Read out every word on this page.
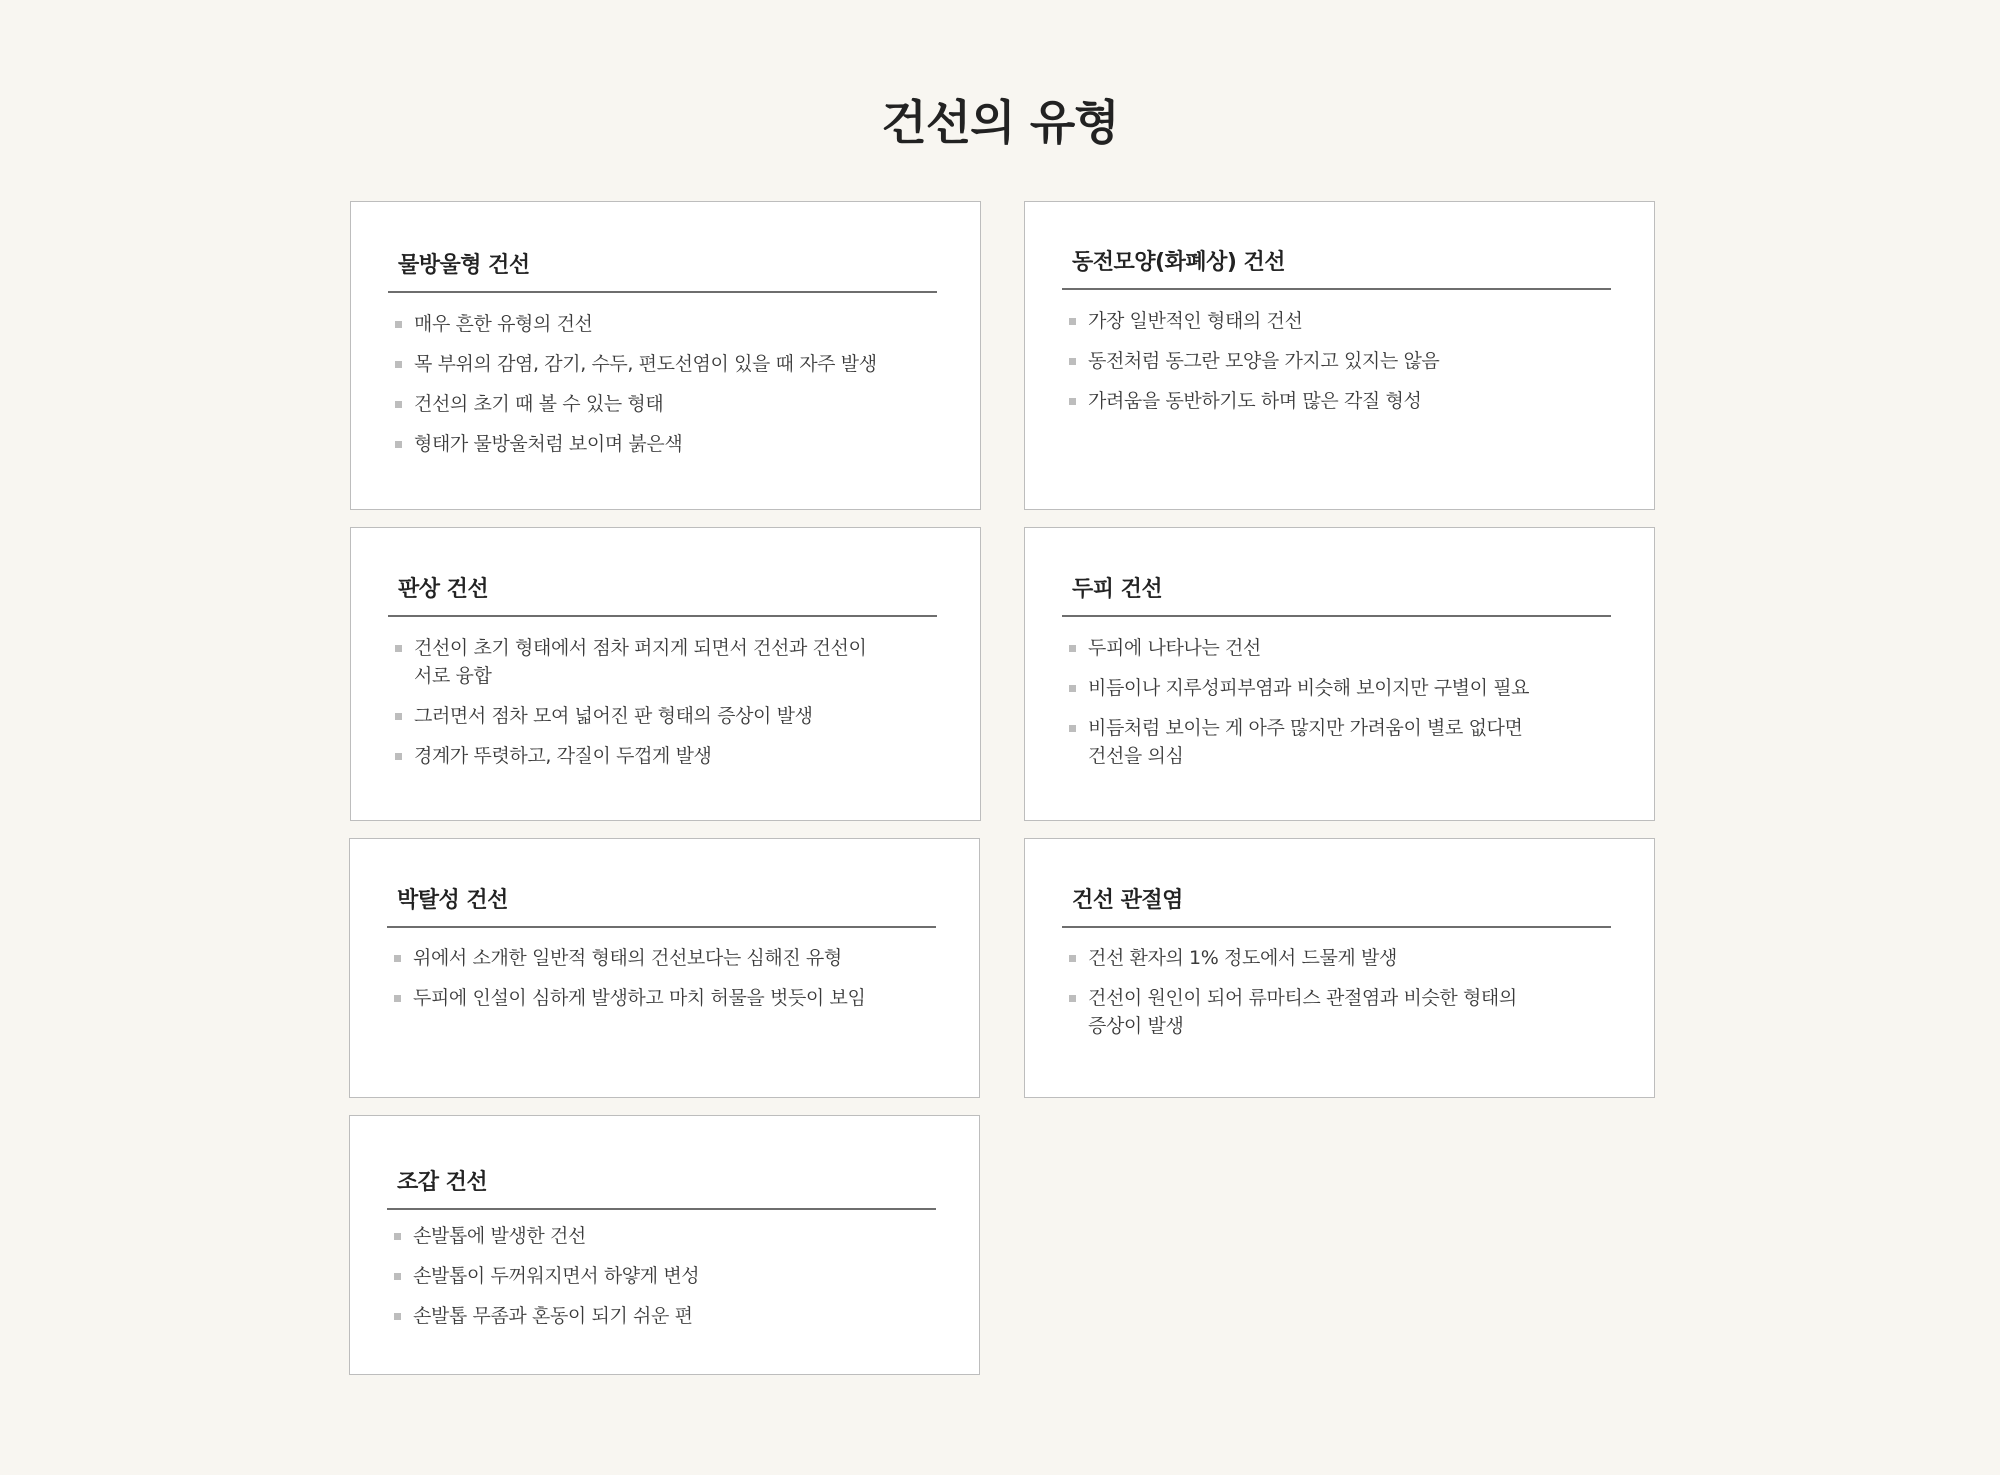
건선의 유형
물방울형 건선
매우 흔한 유형의 건선
목 부위의 감염, 감기, 수두, 편도선염이 있을 때 자주 발생
건선의 초기 때 볼 수 있는 형태
형태가 물방울처럼 보이며 붉은색
동전모양(화폐상) 건선
가장 일반적인 형태의 건선
동전처럼 동그란 모양을 가지고 있지는 않음
가려움을 동반하기도 하며 많은 각질 형성
판상 건선
건선이 초기 형태에서 점차 퍼지게 되면서 건선과 건선이
서로 융합
그러면서 점차 모여 넓어진 판 형태의 증상이 발생
경계가 뚜렷하고, 각질이 두껍게 발생
두피 건선
두피에 나타나는 건선
비듬이나 지루성피부염과 비슷해 보이지만 구별이 필요
비듬처럼 보이는 게 아주 많지만 가려움이 별로 없다면
건선을 의심
박탈성 건선
위에서 소개한 일반적 형태의 건선보다는 심해진 유형
두피에 인설이 심하게 발생하고 마치 허물을 벗듯이 보임
건선 관절염
건선 환자의 1% 정도에서 드물게 발생
건선이 원인이 되어 류마티스 관절염과 비슷한 형태의
증상이 발생
조갑 건선
손발톱에 발생한 건선
손발톱이 두꺼워지면서 하얗게 변성
손발톱 무좀과 혼동이 되기 쉬운 편
